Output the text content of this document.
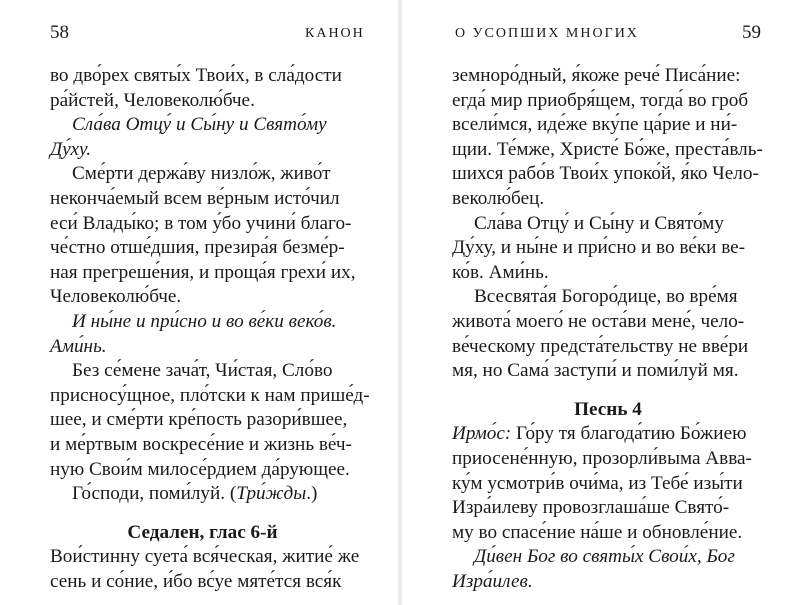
58	КАНОН
во дво́рех святы́х Твои́х, в сла́дости
ра́йстей, Человеколю́бче.
Сла́ва Отцу́ и Сы́ну и Свято́му
Ду́ху.
Сме́рти держа́ву низло́ж, живо́т
неконча́емый всем ве́рным исто́чил
еси́ Влады́ко; в том у́бо учини́ благо-
че́стно отше́дшия, презира́я безме́р-
ная прегреше́ния, и проща́я грехи́ их,
Человеколю́бче.
И ны́не и при́сно и во ве́ки веко́в.
Ами́нь.
Без се́мене зача́т, Чи́стая, Сло́во
присносу́щное, пло́тски к нам прише́д-
шее, и сме́рти кре́пость разори́вшее,
и ме́ртвым воскресе́ние и жизнь ве́ч-
ную Свои́м милосе́рдием да́рующее.
Го́споди, поми́луй. (Три́жды.)
Седален, глас 6-й
Вои́стинну суета́ вся́ческая, житие́ же
сень и со́ние, и́бо вс́уе мяте́тся вся́к
О УСОПШИХ МНОГИХ	59
земноро́дный, я́коже рече́ Писа́ние:
егда́ мир приобря́щем, тогда́ во гроб
всели́мся, иде́же вку́пе ца́рие и ни́-
щии. Те́мже, Христе́ Бо́же, преста́вль-
шихся рабо́в Твои́х упоко́й, я́ко Чело-
веколю́бец.
Сла́ва Отцу́ и Сы́ну и Свято́му
Ду́ху, и ны́не и при́сно и во ве́ки ве-
ко́в. Ами́нь.
Всесвята́я Богоро́дице, во вре́мя
живота́ моего́ не оста́ви мене́, чело-
ве́ческому предста́тельству не вве́ри
мя, но Сама́ заступи́ и поми́луй мя.
Песнь 4
Ирмо́с: Го́ру тя благода́тию Бо́жиею
приосене́нную, прозорли́выма Авва-
ку́м усмотри́в очи́ма, из Тебе́ изы́ти
Изра́илеву провозглаша́ше Свято́-
му во спасе́ние на́ше и обновле́ние.
Ди́вен Бог во святы́х Свои́х, Бог
Изра́илев.
